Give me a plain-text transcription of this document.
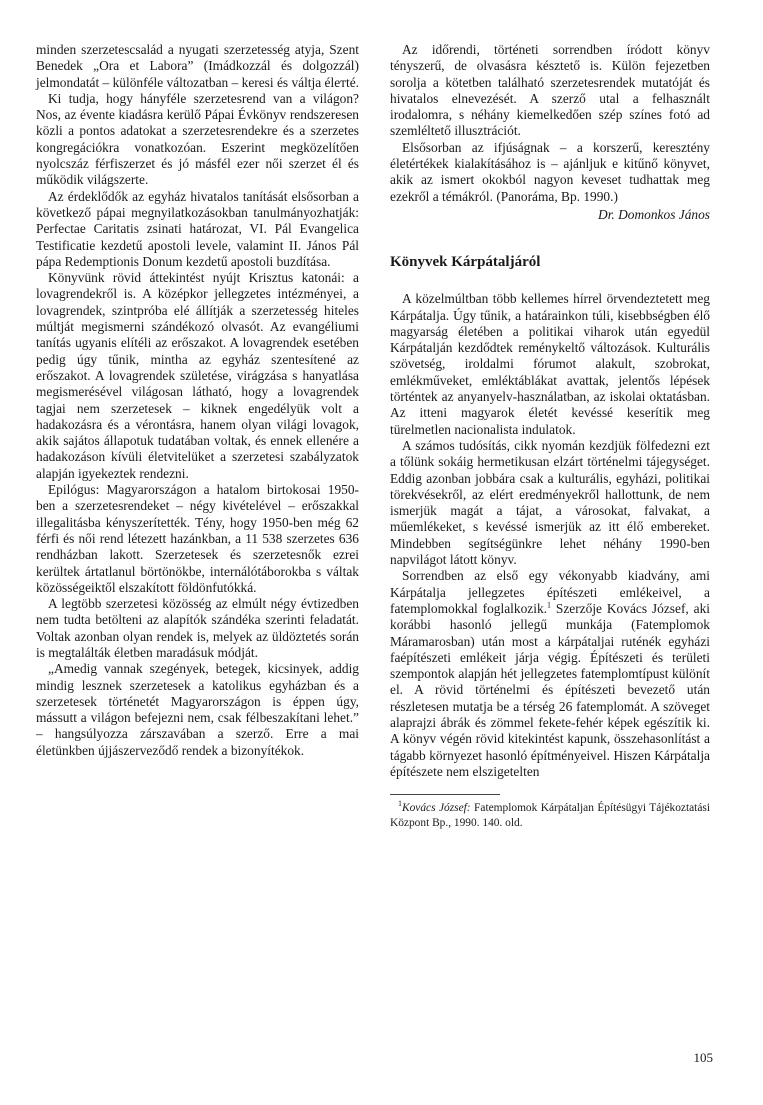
minden szerzetescsalád a nyugati szerzetesség atyja, Szent Benedek „Ora et Labora” (Imádkozzál és dolgozzál) jelmondatát – különféle változatban – keresi és váltja élетté.

Ki tudja, hogy hányféle szerzetesrend van a világon? Nos, az évente kiadásra kerülő Pápai Évkönyv rendszeresen közli a pontos adatokat a szerzetesrendekre és a szerzetes kongregációkra vonatkozóan. Eszerint megközelítően nyolcszáz férfiszerzet és jó másfél ezer női szerzet él és működik világszerte.

Az érdeklődők az egyház hivatalos tanítását elsősorban a következő pápai megnyilatkozásokban tanulmányozhatják: Perfectae Caritatis zsinati határozat, VI. Pál Evangelica Testificatie kezdetű apostoli levele, valamint II. János Pál pápa Redemptionis Donum kezdetű apostoli buzdítása.

Könyvünk rövid áttekintést nyújt Krisztus katonái: a lovagrendekről is. A középkor jellegzetes intézményei, a lovagrendek, szintpróba elé állítják a szerzetesség hiteles múltját megismerni szándékozó olvasót. Az evangéliumi tanítás ugyanis elítéli az erőszakot. A lovagrendek esetében pedig úgy tűnik, mintha az egyház szentesítené az erőszakot. A lovagrendek születése, virágzása s hanyatlása megismerésével világosan látható, hogy a lovagrendek tagjai nem szerzetesek – kiknek engedélyük volt a hadakozásra és a vérontásra, hanem olyan világi lovagok, akik sajátos állapotuk tudatában voltak, és ennek ellenére a hadakozáson kívüli életvitelüket a szerzetesi szabályzatok alapján igyekeztek rendezni.

Epilógus: Magyarországon a hatalom birtokosai 1950-ben a szerzetesrendeket – négy kivételével – erőszakkal illegalitásba kényszerítették. Tény, hogy 1950-ben még 62 férfi és női rend létezett hazánkban, a 11 538 szerzetes 636 rendházban lakott. Szerzetesek és szerzetesnők ezrei kerültek ártatlanul börtönökbe, internálótáborokba s váltak közösségeiktől elszakított földönfutókká.

A legtöbb szerzetesi közösség az elmúlt négy évtizedben nem tudta betölteni az alapítók szándéka szerinti feladatát. Voltak azonban olyan rendek is, melyek az üldöztetés során is megtalálták életben maradásuk módját.

„Amedig vannak szegények, betegek, kicsinyek, addig mindig lesznek szerzetesek a katolikus egyházban és a szerzetesek történetét Magyarországon is éppen úgy, mássutt a világon befejezni nem, csak félbeszakítani lehet.” – hangsúlyozza zárszavában a szerző. Erre a mai életünkben újjászerveződő rendek a bizonyítékok.

Az időrendi, történeti sorrendben íródott könyv tényszerű, de olvasásra késztető is. Külön fejezetben sorolja a kötetben található szerzetesrendek mutatóját és hivatalos elnevezését. A szerző utal a felhasznált irodalomra, s néhány kiemelkedően szép színes fotó ad szemléltető illusztrációt.

Elsősorban az ifjúságnak – a korszerű, keresztény életértékek kialakításához is – ajánljuk e kitűnő könyvet, akik az ismert okokból nagyon keveset tudhattak meg ezekről a témákról. (Panoráma, Bp. 1990.)

Dr. Domonkos János

Könyvek Kárpátaljáról

A közelmúltban több kellemes hírrel örvendeztetett meg Kárpátalja. Úgy tűnik, a határainkon túli, kisebbségben élő magyarság életében a politikai viharok után egyedül Kárpátalján kezdődtek reménykeltő változások. Kulturális szövetség, iroldalmi fórumot alakult, szobrokat, emlékműveket, emléktáblákat avattak, jelentős lépések történtek az anyanyelv-használatban, az iskolai oktatásban. Az itteni magyarok életét kevéssé keserítik meg türelmetlen nacionalista indulatok.

A számos tudósítás, cikk nyomán kezdjük fölfedezni ezt a tőlünk sokáig hermetikusan elzárt történelmi tájegységet. Eddig azonban jobbára csak a kulturális, egyházi, politikai törekvésekről, az elért eredményekről hallottunk, de nem ismerjük magát a tájat, a városokat, falvakat, a műemlékeket, s kevéssé ismerjük az itt élő embereket. Mindebben segítségünkre lehet néhány 1990-ben napvilágot látott könyv.

Sorrendben az első egy vékonyabb kiadvány, ami Kárpátalja jellegzetes építészeti emlékeivel, a fatemplomokkal foglalkozik.$^1$ Szerzője Kovács József, aki korábbi hasonló jellegű munkája (Fatemplomok Máramarosban) után most a kárpátaljai ruténék egyházi faépítészeti emlékeit járja végig. Építészeti és területi szempontok alapján hét jellegzetes fatemplomtípust különít el. A rövid történelmi és építészeti bevezető után részletesen mutatja be a térség 26 fatemplomát. A szöveget alaprajzi ábrák és zömmel fekete-fehér képek egészítik ki. A könyv végén rövid kitekintést kapunk, összehasonlítást a tágabb környezet hasonló építményeivel. Hiszen Kárpátalja építészete nem elszigetelten

$^1$Kovács József: Fatemplomok Kárpátaljan Építésügyi Tájékoztatási Központ Bp., 1990. 140. old.

105
